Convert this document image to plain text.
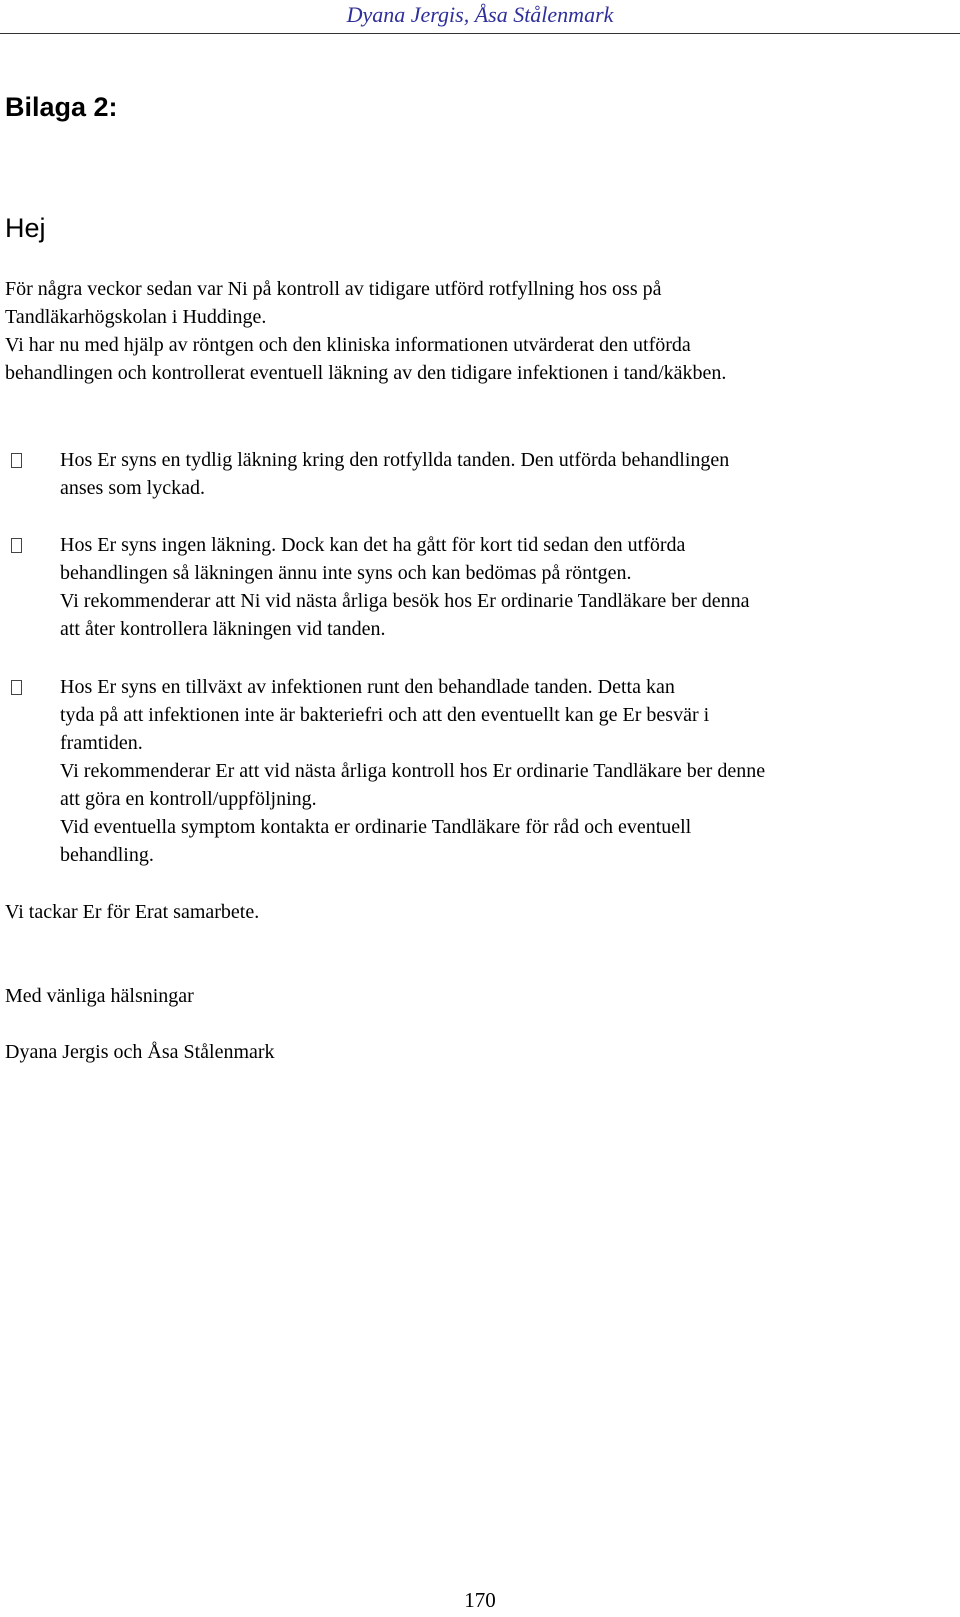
Dyana Jergis, Åsa Stålenmark
Bilaga 2:
Hej

För några veckor sedan var Ni på kontroll av tidigare utförd rotfyllning hos oss på

Tandläkarhögskolan i Huddinge.

Vi har nu med hjälp av röntgen och den kliniska informationen utvärderat den utförda

behandlingen och kontrollerat eventuell läkning av den tidigare infektionen i tand/käkben.

Hos Er syns en tydlig läkning kring den rotfyllda tanden. Den utförda behandlingen

anses som lyckad.

Hos Er syns ingen läkning. Dock kan det ha gått för kort tid sedan den utförda

behandlingen så läkningen ännu inte syns och kan bedömas på röntgen.

Vi rekommenderar att Ni vid nästa årliga besök hos Er ordinarie Tandläkare ber denna

att åter kontrollera läkningen vid tanden.

Hos Er syns en tillväxt av infektionen runt den behandlade tanden. Detta kan

tyda på att infektionen inte är bakteriefri och att den eventuellt kan ge Er besvär i

framtiden.

Vi rekommenderar Er att vid nästa årliga kontroll hos Er ordinarie Tandläkare ber denne

att göra en kontroll/uppföljning.

Vid eventuella symptom kontakta er ordinarie Tandläkare för råd och eventuell

behandling.

Vi tackar Er för Erat samarbete.

Med vänliga hälsningar

Dyana Jergis och Åsa Stålenmark

170
